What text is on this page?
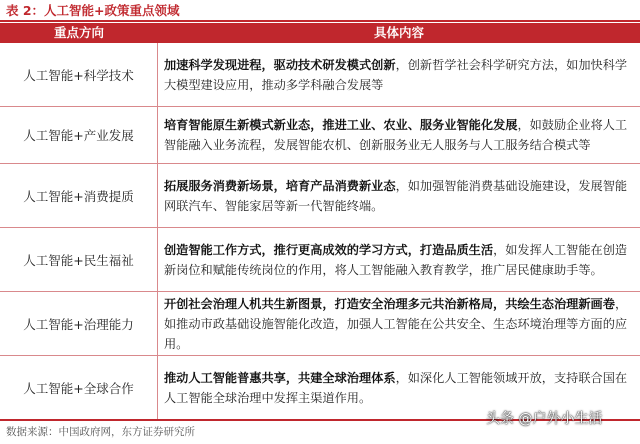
表 2：人工智能+政策重点领域
重点方向	具体内容
人工智能+科学技术
加速科学发现进程，驱动技术研发模式创新，创新哲学社会科学研究方法，如加快科学大模型建设应用，推动多学科融合发展等
人工智能+产业发展
培育智能原生新模式新业态，推进工业、农业、服务业智能化发展，如鼓励企业将人工智能融入业务流程，发展智能农机、创新服务业无人服务与人工服务结合模式等
人工智能+消费提质
拓展服务消费新场景，培育产品消费新业态，如加强智能消费基础设施建设，发展智能网联汽车、智能家居等新一代智能终端。
人工智能+民生福祉
创造智能工作方式，推行更高成效的学习方式，打造品质生活，如发挥人工智能在创造新岗位和赋能传统岗位的作用，将人工智能融入教育教学，推广居民健康助手等。
人工智能+治理能力
开创社会治理人机共生新图景，打造安全治理多元共治新格局，共绘生态治理新画卷，如推动市政基础设施智能化改造，加强人工智能在公共安全、生态环境治理等方面的应用。
人工智能+全球合作
推动人工智能普惠共享，共建全球治理体系，如深化人工智能领域开放，支持联合国在人工智能全球治理中发挥主渠道作用。
数据来源：中国政府网，东方证券研究所
头条 @户外小生活
